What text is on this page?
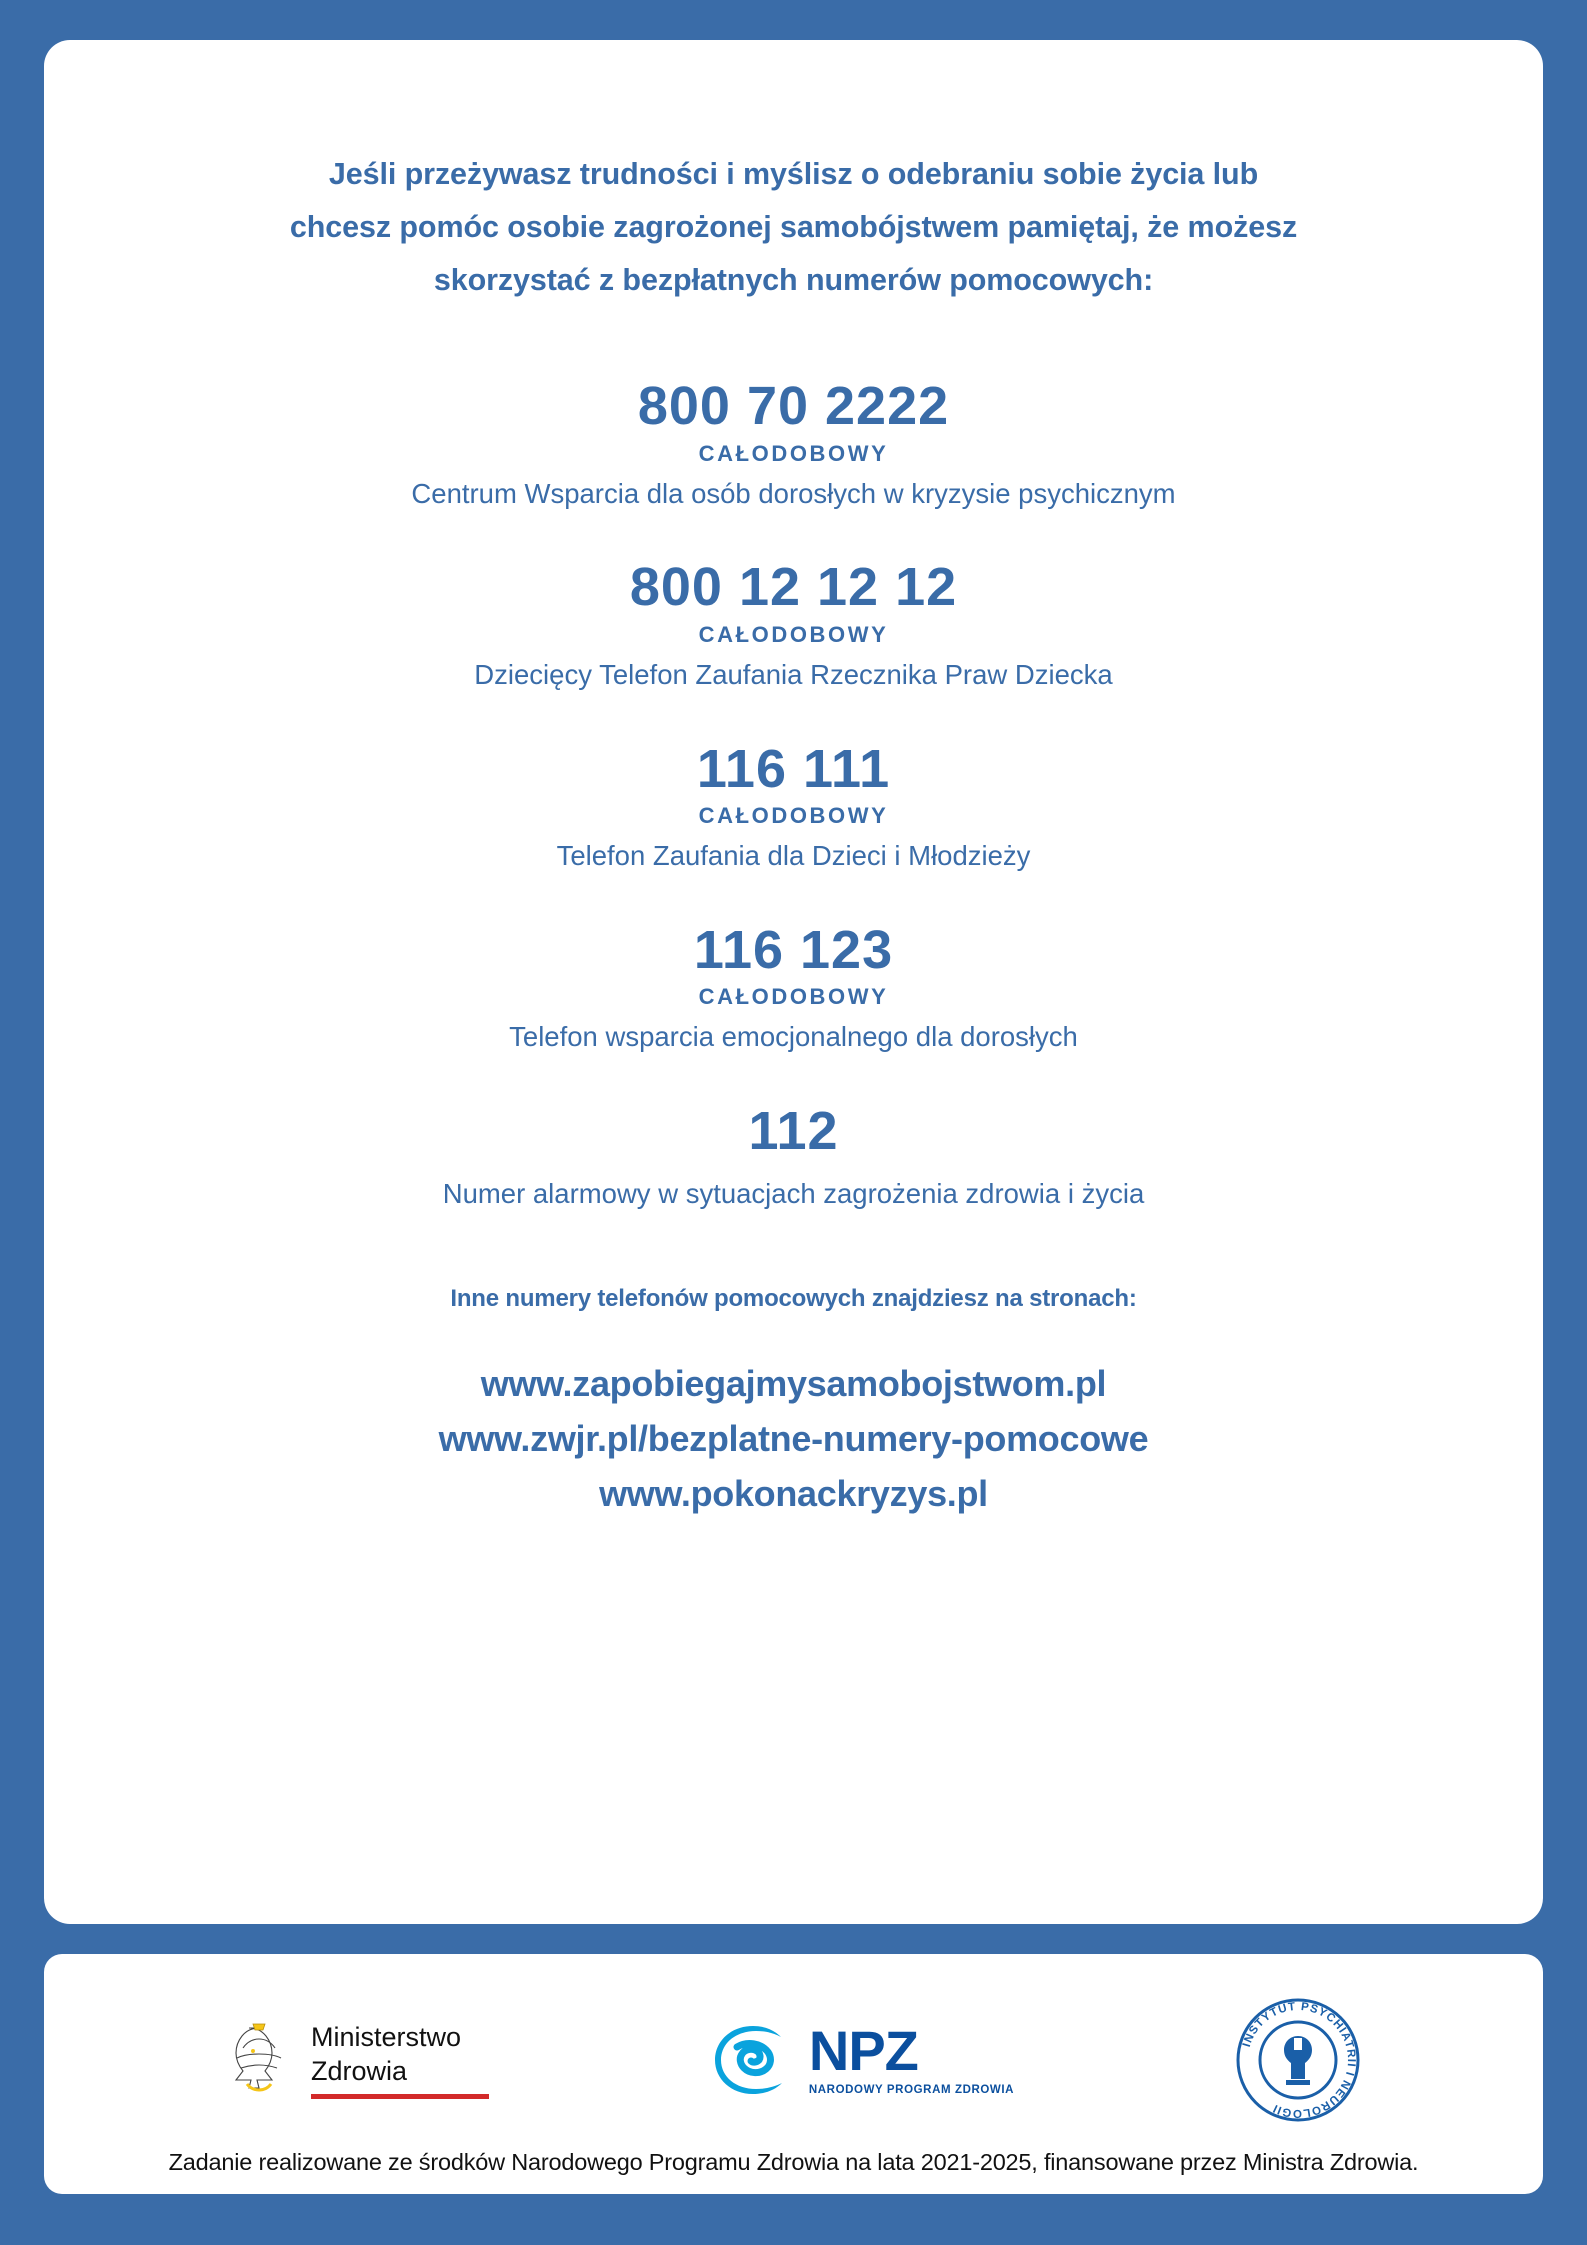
Jeśli przeżywasz trudności i myślisz o odebraniu sobie życia lub
chcesz pomóc osobie zagrożonej samobójstwem pamiętaj, że możesz
skorzystać z bezpłatnych numerów pomocowych:
800 70 2222
CAŁODOBOWY
Centrum Wsparcia dla osób dorosłych w kryzysie psychicznym
800 12 12 12
CAŁODOBOWY
Dziecięcy Telefon Zaufania Rzecznika Praw Dziecka
116 111
CAŁODOBOWY
Telefon Zaufania dla Dzieci i Młodzieży
116 123
CAŁODOBOWY
Telefon wsparcia emocjonalnego dla dorosłych
112
Numer alarmowy w sytuacjach zagrożenia zdrowia i życia
Inne numery telefonów pomocowych znajdziesz na stronach:
www.zapobiegajmysamobojstwom.pl
www.zwjr.pl/bezplatne-numery-pomocowe
www.pokonackryzys.pl
Ministerstwo
Zdrowia	NPZ
NARODOWY PROGRAM ZDROWIA
INSTYTUT PSYCHIATRII I NEUROLOGII
Zadanie realizowane ze środków Narodowego Programu Zdrowia na lata 2021-2025, finansowane przez Ministra Zdrowia.
